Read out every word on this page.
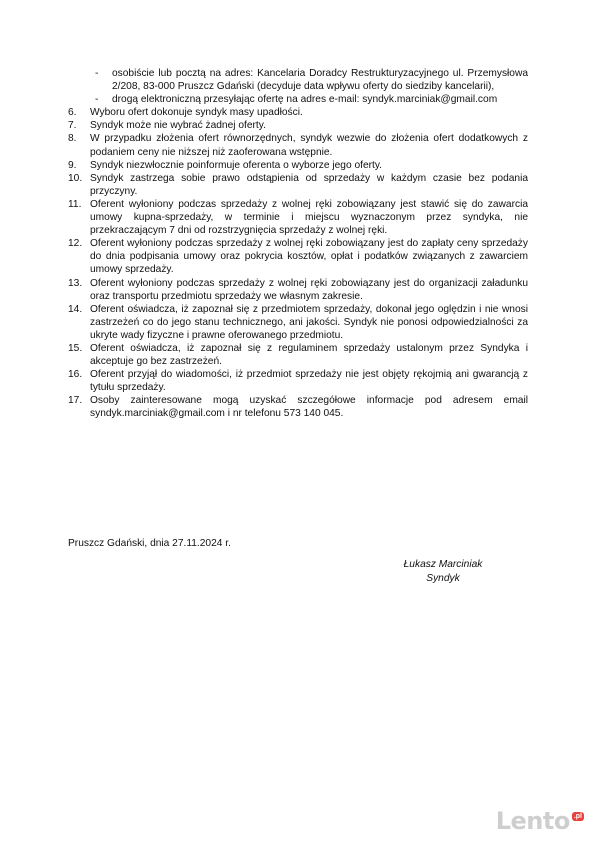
- osobiście lub pocztą na adres: Kancelaria Doradcy Restrukturyzacyjnego ul. Przemysłowa 2/208, 83-000 Pruszcz Gdański (decyduje data wpływu oferty do siedziby kancelarii),
- drogą elektroniczną przesyłając ofertę na adres e-mail: syndyk.marciniak@gmail.com
6. Wyboru ofert dokonuje syndyk masy upadłości.
7. Syndyk może nie wybrać żadnej oferty.
8. W przypadku złożenia ofert równorzędnych, syndyk wezwie do złożenia ofert dodatkowych z podaniem ceny nie niższej niż zaoferowana wstępnie.
9. Syndyk niezwłocznie poinformuje oferenta o wyborze jego oferty.
10. Syndyk zastrzega sobie prawo odstąpienia od sprzedaży w każdym czasie bez podania przyczyny.
11. Oferent wyłoniony podczas sprzedaży z wolnej ręki zobowiązany jest stawić się do zawarcia umowy kupna-sprzedaży, w terminie i miejscu wyznaczonym przez syndyka, nie przekraczającym 7 dni od rozstrzygnięcia sprzedaży z wolnej ręki.
12. Oferent wyłoniony podczas sprzedaży z wolnej ręki zobowiązany jest do zapłaty ceny sprzedaży do dnia podpisania umowy oraz pokrycia kosztów, opłat i podatków związanych z zawarciem umowy sprzedaży.
13. Oferent wyłoniony podczas sprzedaży z wolnej ręki zobowiązany jest do organizacji załadunku oraz transportu przedmiotu sprzedaży we własnym zakresie.
14. Oferent oświadcza, iż zapoznał się z przedmiotem sprzedaży, dokonał jego oględzin i nie wnosi zastrzeżeń co do jego stanu technicznego, ani jakości. Syndyk nie ponosi odpowiedzialności za ukryte wady fizyczne i prawne oferowanego przedmiotu.
15. Oferent oświadcza, iż zapoznał się z regulaminem sprzedaży ustalonym przez Syndyka i akceptuje go bez zastrzeżeń.
16. Oferent przyjął do wiadomości, iż przedmiot sprzedaży nie jest objęty rękojmią ani gwarancją z tytułu sprzedaży.
17. Osoby zainteresowane mogą uzyskać szczegółowe informacje pod adresem email syndyk.marciniak@gmail.com i nr telefonu 573 140 045.
Pruszcz Gdański, dnia 27.11.2024 r.
Łukasz Marciniak
Syndyk
Lento .pl
